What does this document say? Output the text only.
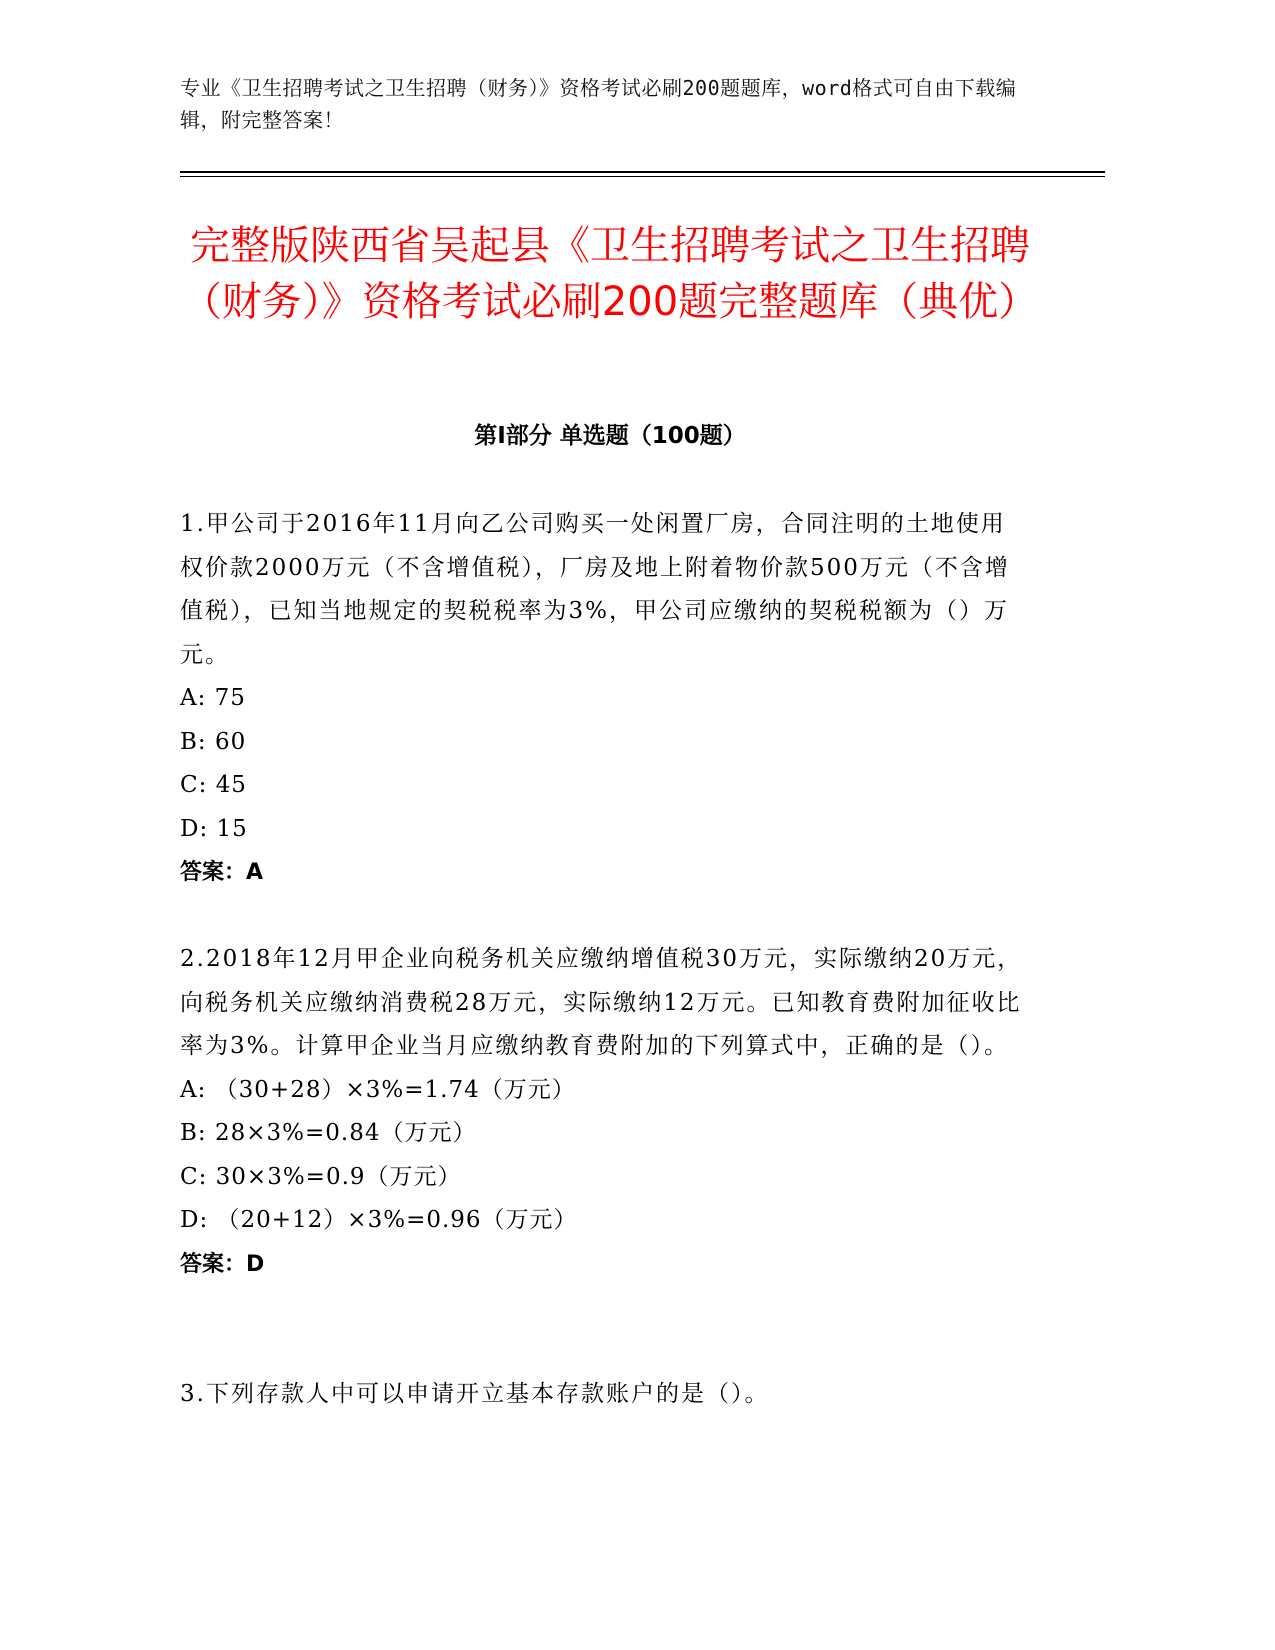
专业《卫生招聘考试之卫生招聘（财务）》资格考试必刷200题题库，word格式可自由下载编辑，附完整答案！
完整版陕西省吴起县《卫生招聘考试之卫生招聘（财务）》资格考试必刷200题完整题库（典优）
第I部分 单选题（100题）

1.甲公司于2016年11月向乙公司购买一处闲置厂房，合同注明的土地使用权价款2000万元（不含增值税），厂房及地上附着物价款500万元（不含增值税），已知当地规定的契税税率为3%，甲公司应缴纳的契税税额为（）万元。

A: 75

B: 60

C: 45

D: 15

答案：A

2.2018年12月甲企业向税务机关应缴纳增值税30万元，实际缴纳20万元，向税务机关应缴纳消费税28万元，实际缴纳12万元。已知教育费附加征收比率为3%。计算甲企业当月应缴纳教育费附加的下列算式中，正确的是（）。

A: （30+28）×3%=1.74（万元）

B: 28×3%=0.84（万元）

C: 30×3%=0.9（万元）

D: （20+12）×3%=0.96（万元）

答案：D

3.下列存款人中可以申请开立基本存款账户的是（）。
